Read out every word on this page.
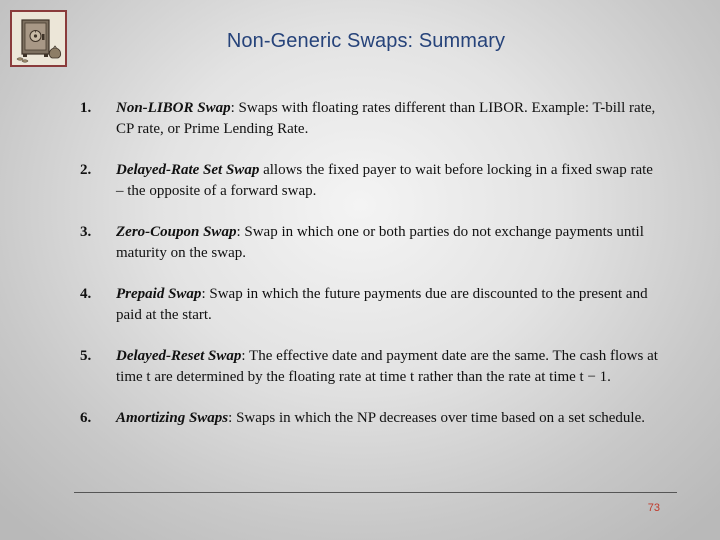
Non-Generic Swaps: Summary
1. Non-LIBOR Swap: Swaps with floating rates different than LIBOR. Example: T-bill rate, CP rate, or Prime Lending Rate.
2. Delayed-Rate Set Swap allows the fixed payer to wait before locking in a fixed swap rate – the opposite of a forward swap.
3. Zero-Coupon Swap: Swap in which one or both parties do not exchange payments until maturity on the swap.
4. Prepaid Swap: Swap in which the future payments due are discounted to the present and paid at the start.
5. Delayed-Reset Swap: The effective date and payment date are the same. The cash flows at time t are determined by the floating rate at time t rather than the rate at time t − 1.
6. Amortizing Swaps: Swaps in which the NP decreases over time based on a set schedule.
73
